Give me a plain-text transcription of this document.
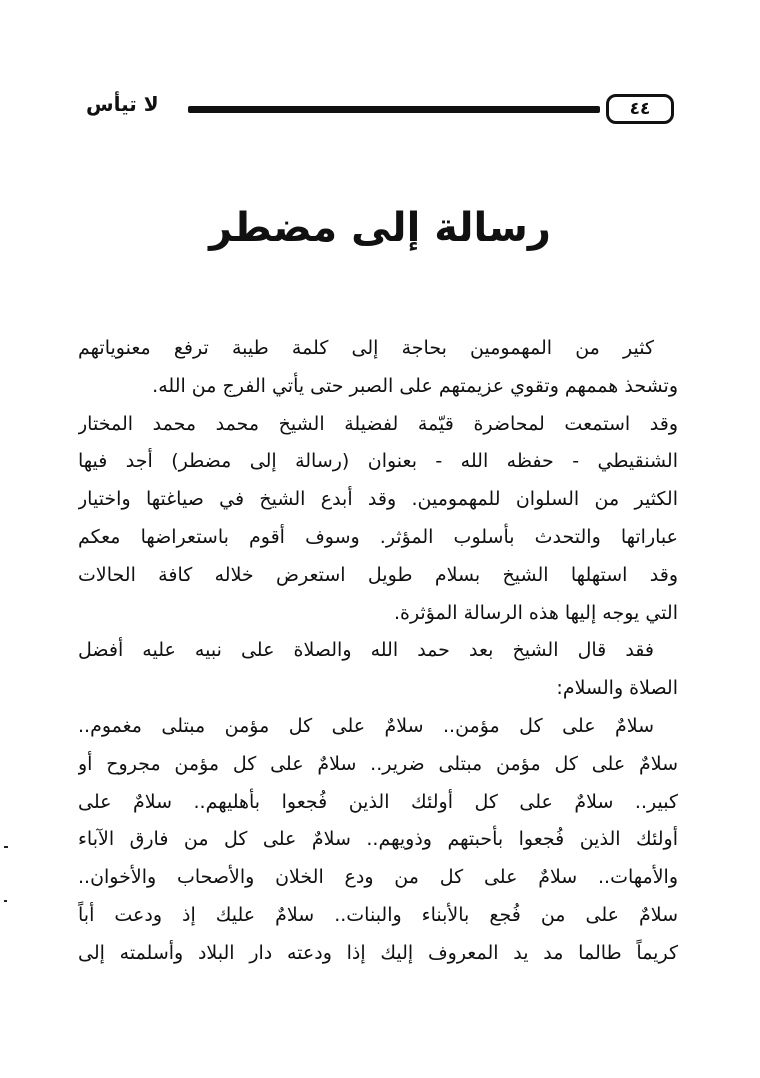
لا تيأس	٤٤
رسالة إلى مضطر
كثير من المهمومين بحاجة إلى كلمة طيبة ترفع معنوياتهم
وتشحذ هممهم وتقوي عزيمتهم على الصبر حتى يأتي الفرج من الله.
وقد استمعت لمحاضرة قيّمة لفضيلة الشيخ محمد محمد المختار
الشنقيطي - حفظه الله - بعنوان (رسالة إلى مضطر) أجد فيها
الكثير من السلوان للمهمومين. وقد أبدع الشيخ في صياغتها واختيار
عباراتها والتحدث بأسلوب المؤثر. وسوف أقوم باستعراضها معكم
وقد استهلها الشيخ بسلام طويل استعرض خلاله كافة الحالات
التي يوجه إليها هذه الرسالة المؤثرة.
فقد قال الشيخ بعد حمد الله والصلاة على نبيه عليه أفضل
الصلاة والسلام:
سلامٌ على كل مؤمن.. سلامٌ على كل مؤمن مبتلى مغموم..
سلامٌ على كل مؤمن مبتلى ضرير.. سلامٌ على كل مؤمن مجروح أو
كبير.. سلامٌ على كل أولئك الذين فُجعوا بأهليهم.. سلامٌ على
أولئك الذين فُجعوا بأحبتهم وذويهم.. سلامٌ على كل من فارق الآباء
والأمهات.. سلامٌ على كل من ودع الخلان والأصحاب والأخوان..
سلامٌ على من فُجع بالأبناء والبنات.. سلامٌ عليك إذ ودعت أباً
كريماً طالما مد يد المعروف إليك إذا ودعته دار البلاد وأسلمته إلى
